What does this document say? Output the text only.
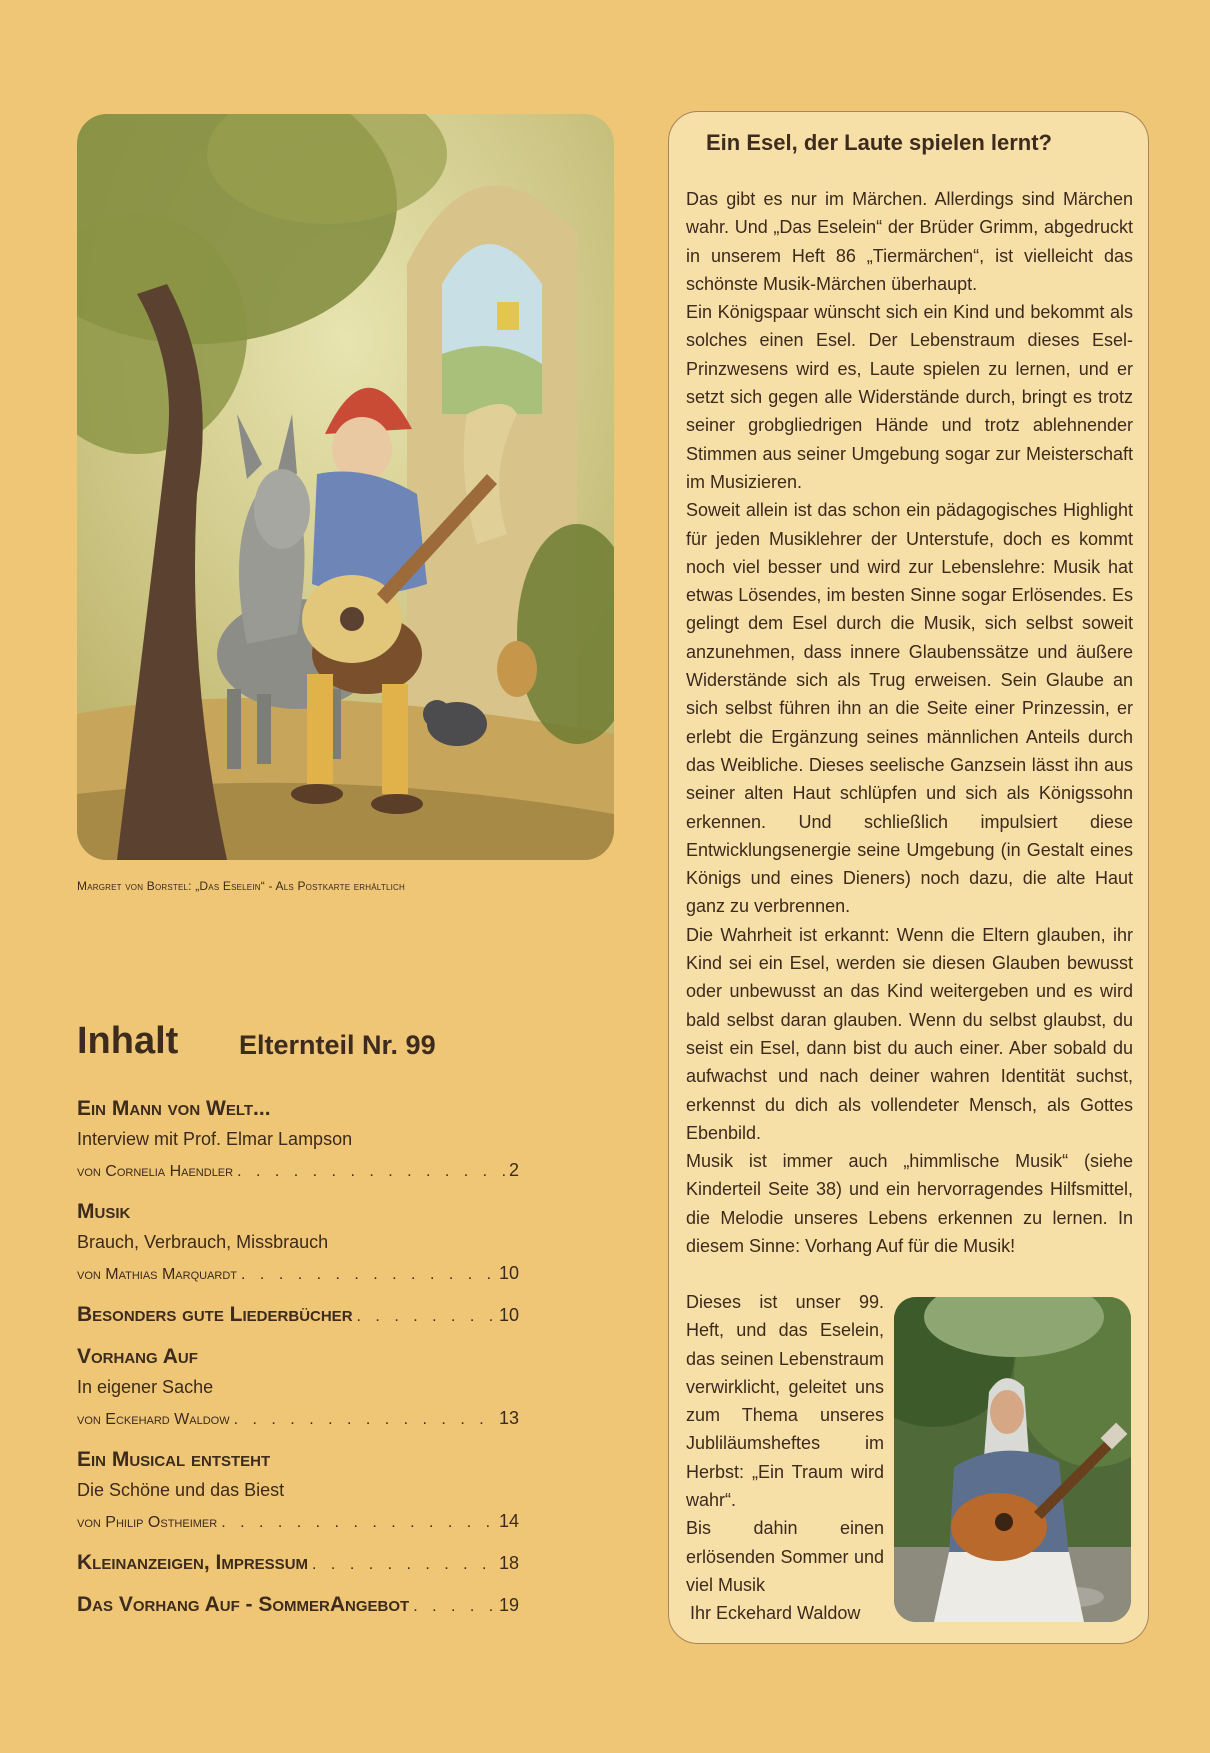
Margret von Borstel: „Das Eselein“ - Als Postkarte erhältlich
Inhalt Elternteil Nr. 99
Ein Mann von Welt...
Interview mit Prof. Elmar Lampson
von Cornelia Haendler . . .	2
Musik
Brauch, Verbrauch, Missbrauch
von Mathias Marquardt . . .	10
Besonders gute Liederbücher . . .	10
Vorhang Auf
In eigener Sache
von Eckehard Waldow . . .	13
Ein Musical entsteht
Die Schöne und das Biest
von Philip Ostheimer . . .	14
Kleinanzeigen, Impressum . . .	18
Das Vorhang Auf - SommerAngebot . . .	19
Ein Esel, der Laute spielen lernt?

Das gibt es nur im Märchen. Allerdings sind Märchen wahr. Und „Das Eselein“ der Brüder Grimm, abgedruckt in unserem Heft 86 „Tiermärchen“, ist vielleicht das schönste Musik-Märchen überhaupt.

Ein Königspaar wünscht sich ein Kind und bekommt als solches einen Esel. Der Lebenstraum dieses Esel-Prinzwesens wird es, Laute spielen zu lernen, und er setzt sich gegen alle Widerstände durch, bringt es trotz seiner grobgliedrigen Hände und trotz ablehnender Stimmen aus seiner Umgebung sogar zur Meisterschaft im Musizieren.

Soweit allein ist das schon ein pädagogisches Highlight für jeden Musiklehrer der Unterstufe, doch es kommt noch viel besser und wird zur Lebenslehre: Musik hat etwas Lösendes, im besten Sinne sogar Erlösendes. Es gelingt dem Esel durch die Musik, sich selbst soweit anzunehmen, dass innere Glaubenssätze und äußere Widerstände sich als Trug erweisen. Sein Glaube an sich selbst führen ihn an die Seite einer Prinzessin, er erlebt die Ergänzung seines männlichen Anteils durch das Weibliche. Dieses seelische Ganzsein lässt ihn aus seiner alten Haut schlüpfen und sich als Königssohn erkennen. Und schließlich impulsiert diese Entwicklungsenergie seine Umgebung (in Gestalt eines Königs und eines Dieners) noch dazu, die alte Haut ganz zu verbrennen.

Die Wahrheit ist erkannt: Wenn die Eltern glauben, ihr Kind sei ein Esel, werden sie diesen Glauben bewusst oder unbewusst an das Kind weitergeben und es wird bald selbst daran glauben. Wenn du selbst glaubst, du seist ein Esel, dann bist du auch einer. Aber sobald du aufwachst und nach deiner wahren Identität suchst, erkennst du dich als vollendeter Mensch, als Gottes Ebenbild.

Musik ist immer auch „himmlische Musik“ (siehe Kinderteil Seite 38) und ein hervorragendes Hilfsmittel, die Melodie unseres Lebens erkennen zu lernen. In diesem Sinne: Vorhang Auf für die Musik!

Dieses ist unser 99. Heft, und das Eselein, das seinen Lebenstraum verwirklicht, geleitet uns zum Thema unseres Jubliläumsheftes im Herbst: „Ein Traum wird wahr“.

Bis dahin einen erlösenden Sommer und viel Musik

Ihr Eckehard Waldow
